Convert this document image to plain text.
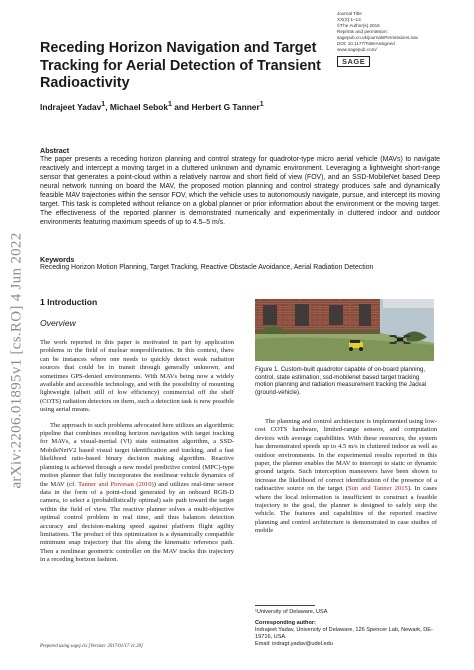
arXiv:2206.01895v1 [cs.RO] 4 Jun 2022
Journal Title
XX(X):1–14
©The Author(s) 2016
Reprints and permission:
sagepub.co.uk/journalsPermissions.nav
DOI: 10.1177/ToBeAssigned
www.sagepub.com/
SAGE
Receding Horizon Navigation and Target Tracking for Aerial Detection of Transient Radioactivity
Indrajeet Yadav$^1$, Michael Sebok$^1$ and Herbert G Tanner$^1$
Abstract

The paper presents a receding horizon planning and control strategy for quadrotor-type micro aerial vehicle (MAVs) to navigate reactively and intercept a moving target in a cluttered unknown and dynamic environment. Leveraging a lightweight short-range sensor that generates a point-cloud within a relatively narrow and short field of view (FOV), and an SSD-MobileNet based Deep neural network running on board the MAV, the proposed motion planning and control strategy produces safe and dynamically feasible MAV trajectories within the sensor FOV, which the vehicle uses to autonomously navigate, pursue, and intercept its moving target. This task is completed without reliance on a global planner or prior information about the environment or the moving target. The effectiveness of the reported planner is demonstrated numerically and experimentally in cluttered indoor and outdoor environments featuring maximum speeds of up to 4.5–5 m/s.

Keywords
Receding Horizon Motion Planning, Target Tracking, Reactive Obstacle Avoidance, Aerial Radiation Detection
1 Introduction
Overview

The work reported in this paper is motivated in part by application problems in the field of nuclear nonproliferation. In this context, there can be instances where one needs to quickly detect weak radiation sources that could be in transit through generally unknown, and sometimes GPS-denied environments. With MAVs being now a widely available and accessible technology, and with the possibility of mounting lightweight (albeit still of low efficiency) commercial off the shelf (COTS) radiation detectors on them, such a detection task is now possible using aerial means.

The approach to such problems advocated here utilizes an algorithmic pipeline that combines receding horizon navigation with target tracking for MAVs, a visual-inertial (VI) state estimation algorithm, a SSD-MobileNetV2 based visual target identification and tracking, and a fast likelihood ratio-based binary decision making algorithm. Reactive planning is achieved through a new model predictive control (MPC)-type motion planner that fully incorporates the nonlinear vehicle dynamics of the MAV (cf. Tanner and Piovesan (2010)) and utilizes real-time sensor data in the form of a point-cloud generated by an onboard RGB-D camera, to select a (probabilistically optimal) safe path toward the target within the field of view. The reactive planner solves a multi-objective optimal control problem in real time, and thus balances detection accuracy and decision-making speed against platform flight agility limitations. The product of this optimization is a dynamically compatible minimum snap trajectory that fits along the kinematic reference path. Then a nonlinear geometric controller on the MAV tracks this trajectory in a receding horizon fashion.

Figure 1. Custom-built quadrotor capable of on-board planning, control, state estimation, ssd-mobilenet based target tracking motion planning and radiation measurement tracking the Jackal (ground-vehicle).

The planning and control architecture is implemented using low-cost COTS hardware, limited-range sensors, and computation devices with average capabilities. With these resources, the system has demonstrated speeds up to 4.5 m/s in cluttered indoor as well as outdoor environments. In the experimental results reported in this paper, the planner enables the MAV to intercept to static or dynamic ground targets. Such interception maneuvers have been shown to increase the likelihood of correct identification of the presence of a radioactive source on the target (Sun and Tanner 2015). In cases where the local information is insufficient to construct a feasible trajectory to the goal, the planner is designed to safely stop the vehicle. The features and capabilities of the reported reactive planning and control architecture is demonstrated in case studies of mobile

¹University of Delaware, USA
Corresponding author:
Indrajeet Yadav, University of Delaware, 126 Spencer Lab, Newark, DE-19716, USA.
Email: indragt.yadav@udel.edu
Prepared using sagej.cls [Version: 2017/01/17 v1.20]
